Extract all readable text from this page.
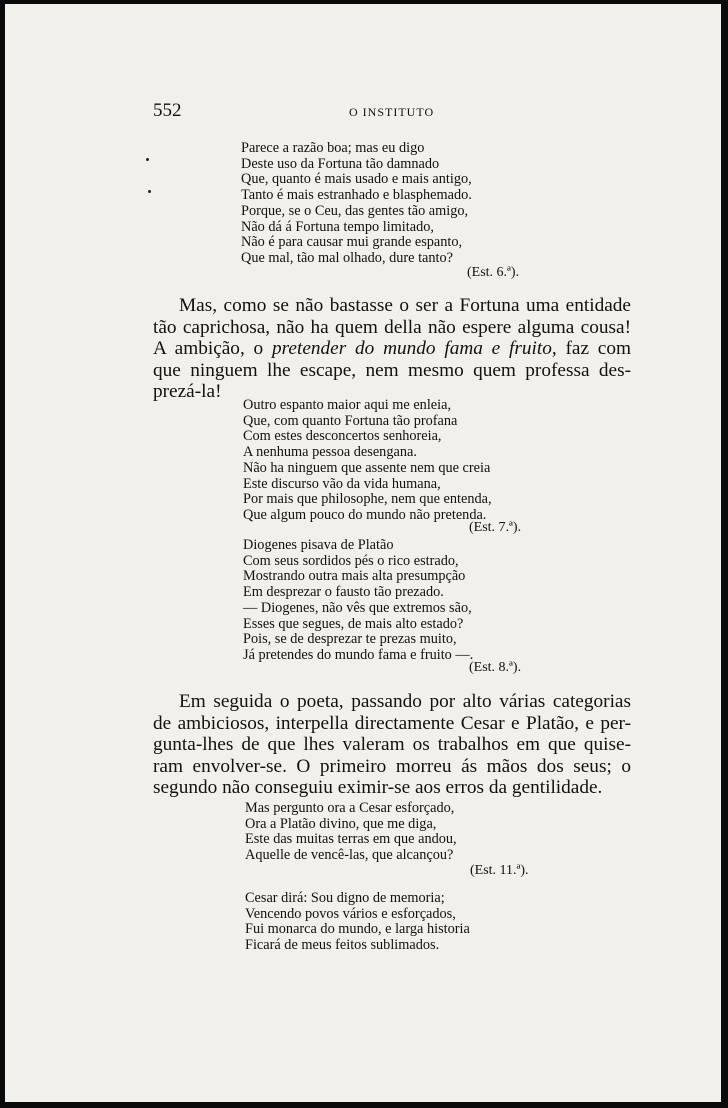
552	O INSTITUTO
Parece a razão boa; mas eu digo
Deste uso da Fortuna tão damnado
Que, quanto é mais usado e mais antigo,
Tanto é mais estranhado e blasphemado.
Porque, se o Ceu, das gentes tão amigo,
Não dá á Fortuna tempo limitado,
Não é para causar mui grande espanto,
Que mal, tão mal olhado, dure tanto?
(Est. 6.ª).
Mas, como se não bastasse o ser a Fortuna uma entidade
tão caprichosa, não ha quem della não espere alguma cousa!
A ambição, o pretender do mundo fama e fruito, faz com
que ninguem lhe escape, nem mesmo quem professa des-
prezá-la!
Outro espanto maior aqui me enleia,
Que, com quanto Fortuna tão profana
Com estes desconcertos senhoreia,
A nenhuma pessoa desengana.
Não ha ninguem que assente nem que creia
Este discurso vão da vida humana,
Por mais que philosophe, nem que entenda,
Que algum pouco do mundo não pretenda.
(Est. 7.ª).
Diogenes pisava de Platão
Com seus sordidos pés o rico estrado,
Mostrando outra mais alta presumpção
Em desprezar o fausto tão prezado.
— Diogenes, não vês que extremos são,
Esses que segues, de mais alto estado?
Pois, se de desprezar te prezas muito,
Já pretendes do mundo fama e fruito —.
(Est. 8.ª).
Em seguida o poeta, passando por alto várias categorias
de ambiciosos, interpella directamente Cesar e Platão, e per-
gunta-lhes de que lhes valeram os trabalhos em que quise-
ram envolver-se. O primeiro morreu ás mãos dos seus; o
segundo não conseguiu eximir-se aos erros da gentilidade.
Mas pergunto ora a Cesar esforçado,
Ora a Platão divino, que me diga,
Este das muitas terras em que andou,
Aquelle de vencê-las, que alcançou?
(Est. 11.ª).
Cesar dirá: Sou digno de memoria;
Vencendo povos vários e esforçados,
Fui monarca do mundo, e larga historia
Ficará de meus feitos sublimados.
